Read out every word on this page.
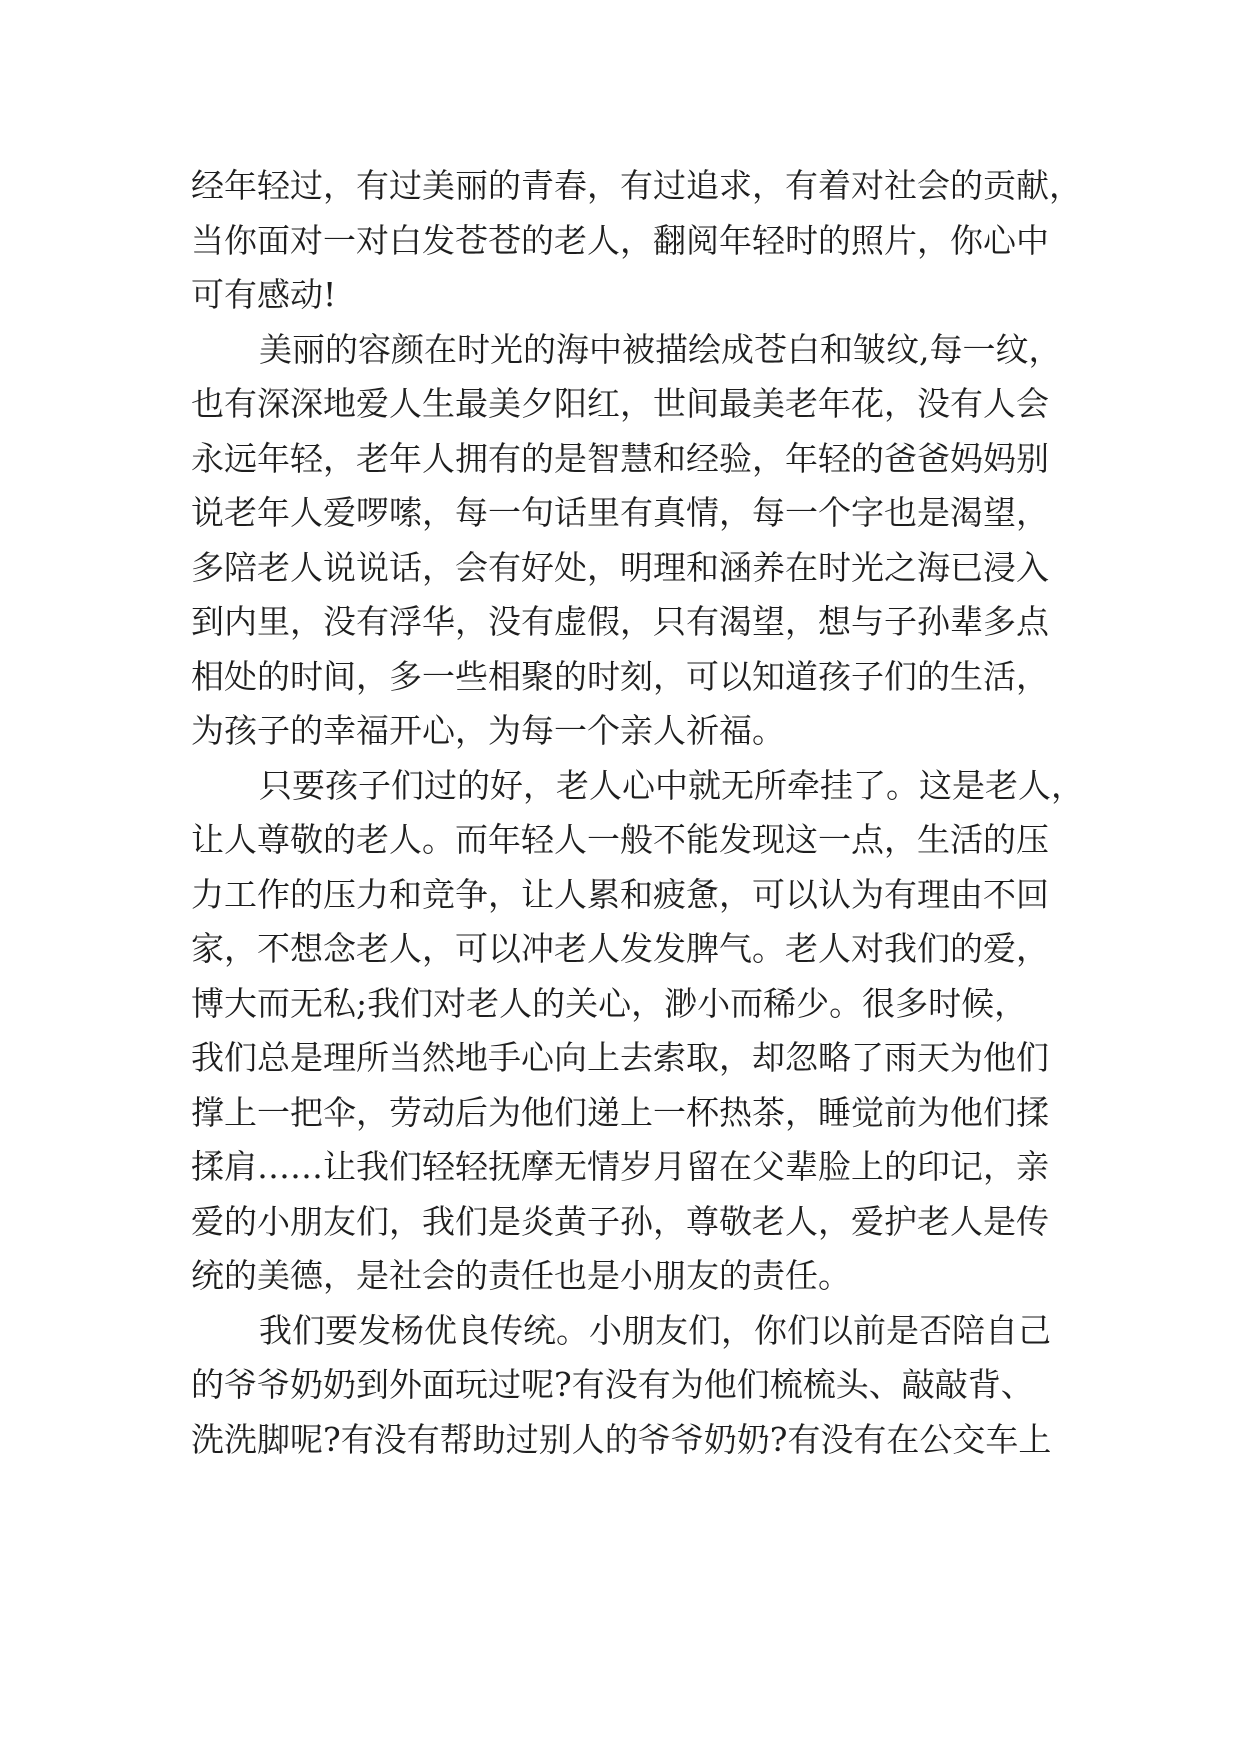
经年轻过，有过美丽的青春，有过追求，有着对社会的贡献，
当你面对一对白发苍苍的老人，翻阅年轻时的照片，你心中
可有感动!
美丽的容颜在时光的海中被描绘成苍白和皱纹,每一纹，
也有深深地爱人生最美夕阳红，世间最美老年花，没有人会
永远年轻，老年人拥有的是智慧和经验，年轻的爸爸妈妈别
说老年人爱啰嗦，每一句话里有真情，每一个字也是渴望，
多陪老人说说话，会有好处，明理和涵养在时光之海已浸入
到内里，没有浮华，没有虚假，只有渴望，想与子孙辈多点
相处的时间，多一些相聚的时刻，可以知道孩子们的生活，
为孩子的幸福开心，为每一个亲人祈福。
只要孩子们过的好，老人心中就无所牵挂了。这是老人，
让人尊敬的老人。而年轻人一般不能发现这一点，生活的压
力工作的压力和竞争，让人累和疲惫，可以认为有理由不回
家，不想念老人，可以冲老人发发脾气。老人对我们的爱，
博大而无私;我们对老人的关心，渺小而稀少。很多时候，
我们总是理所当然地手心向上去索取，却忽略了雨天为他们
撑上一把伞，劳动后为他们递上一杯热茶，睡觉前为他们揉
揉肩……让我们轻轻抚摩无情岁月留在父辈脸上的印记，亲
爱的小朋友们，我们是炎黄子孙，尊敬老人，爱护老人是传
统的美德，是社会的责任也是小朋友的责任。
我们要发杨优良传统。小朋友们，你们以前是否陪自己
的爷爷奶奶到外面玩过呢?有没有为他们梳梳头、敲敲背、
洗洗脚呢?有没有帮助过别人的爷爷奶奶?有没有在公交车上
